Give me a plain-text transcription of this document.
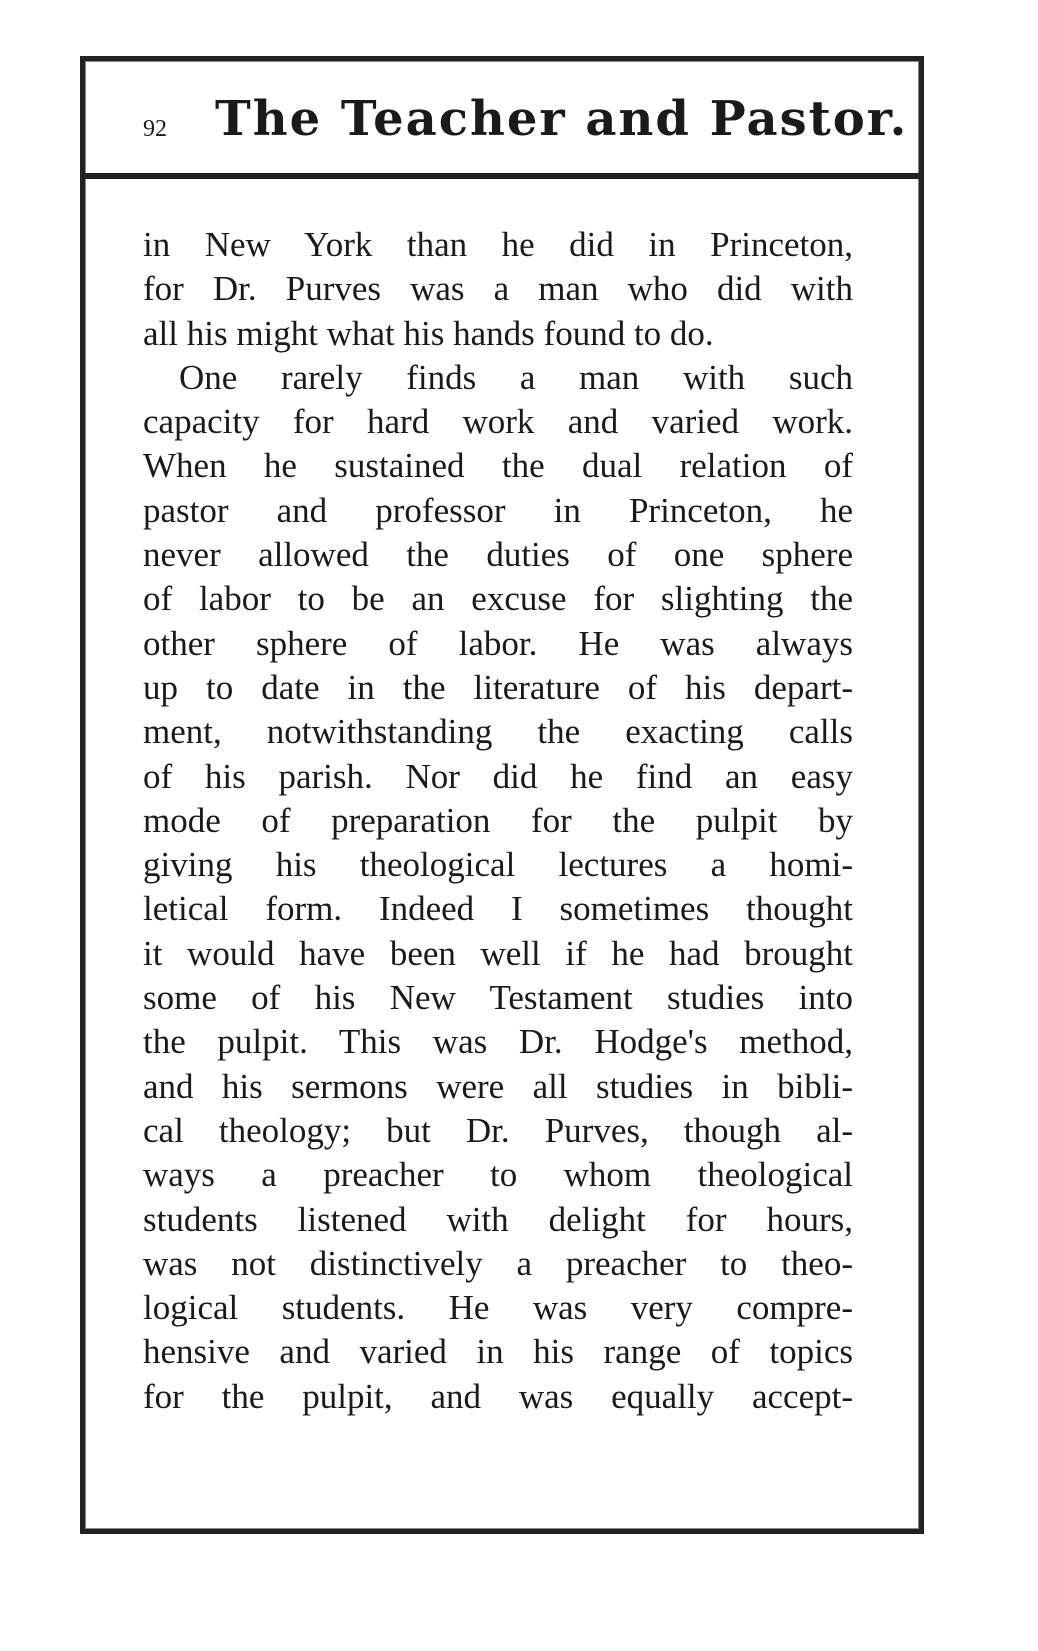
92 The Teacher and Pastor.
in New York than he did in Princeton,
for Dr. Purves was a man who did with
all his might what his hands found to do.
One rarely finds a man with such
capacity for hard work and varied work.
When he sustained the dual relation of
pastor and professor in Princeton, he
never allowed the duties of one sphere
of labor to be an excuse for slighting the
other sphere of labor. He was always
up to date in the literature of his depart-
ment, notwithstanding the exacting calls
of his parish. Nor did he find an easy
mode of preparation for the pulpit by
giving his theological lectures a homi-
letical form. Indeed I sometimes thought
it would have been well if he had brought
some of his New Testament studies into
the pulpit. This was Dr. Hodge's method,
and his sermons were all studies in bibli-
cal theology; but Dr. Purves, though al-
ways a preacher to whom theological
students listened with delight for hours,
was not distinctively a preacher to theo-
logical students. He was very compre-
hensive and varied in his range of topics
for the pulpit, and was equally accept-
